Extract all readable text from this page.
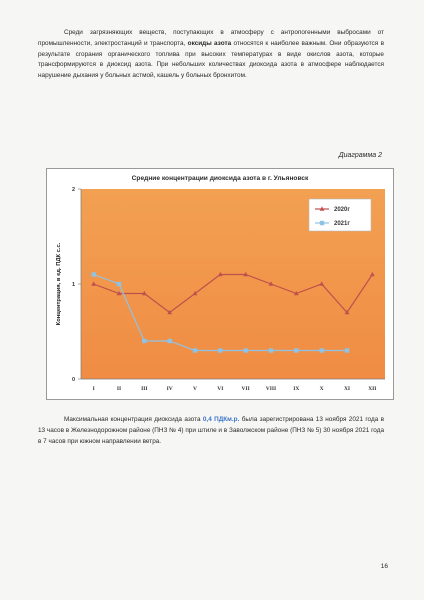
Среди загрязняющих веществ, поступающих в атмосферу с антропогенными выбросами от промышленности, электростанций и транспорта, оксиды азота относятся к наиболее важным. Они образуются в результате сгорания органического топлива при высоких температурах в виде окислов азота, которые трансформируются в диоксид азота. При небольших количествах диоксида азота в атмосфере наблюдается нарушение дыхания у больных астмой, кашель у больных бронхитом.

Диаграмма 2
2020г
2021г
0
1
2
I	II	III	IV	V	VI	VII	VIII	IX	X	XI	XII
Концентрация, в ед. ПДК с.с.
Средние концентрации диоксида азота в г. Ульяновск

Максимальная концентрация диоксида азота 0,4 ПДКм.р. была зарегистрирована 13 ноября 2021 года в 13 часов в Железнодорожном районе (ПНЗ № 4) при штиле и в Заволжском районе (ПНЗ № 5) 30 ноября 2021 года в 7 часов при южном направлении ветра.

16
